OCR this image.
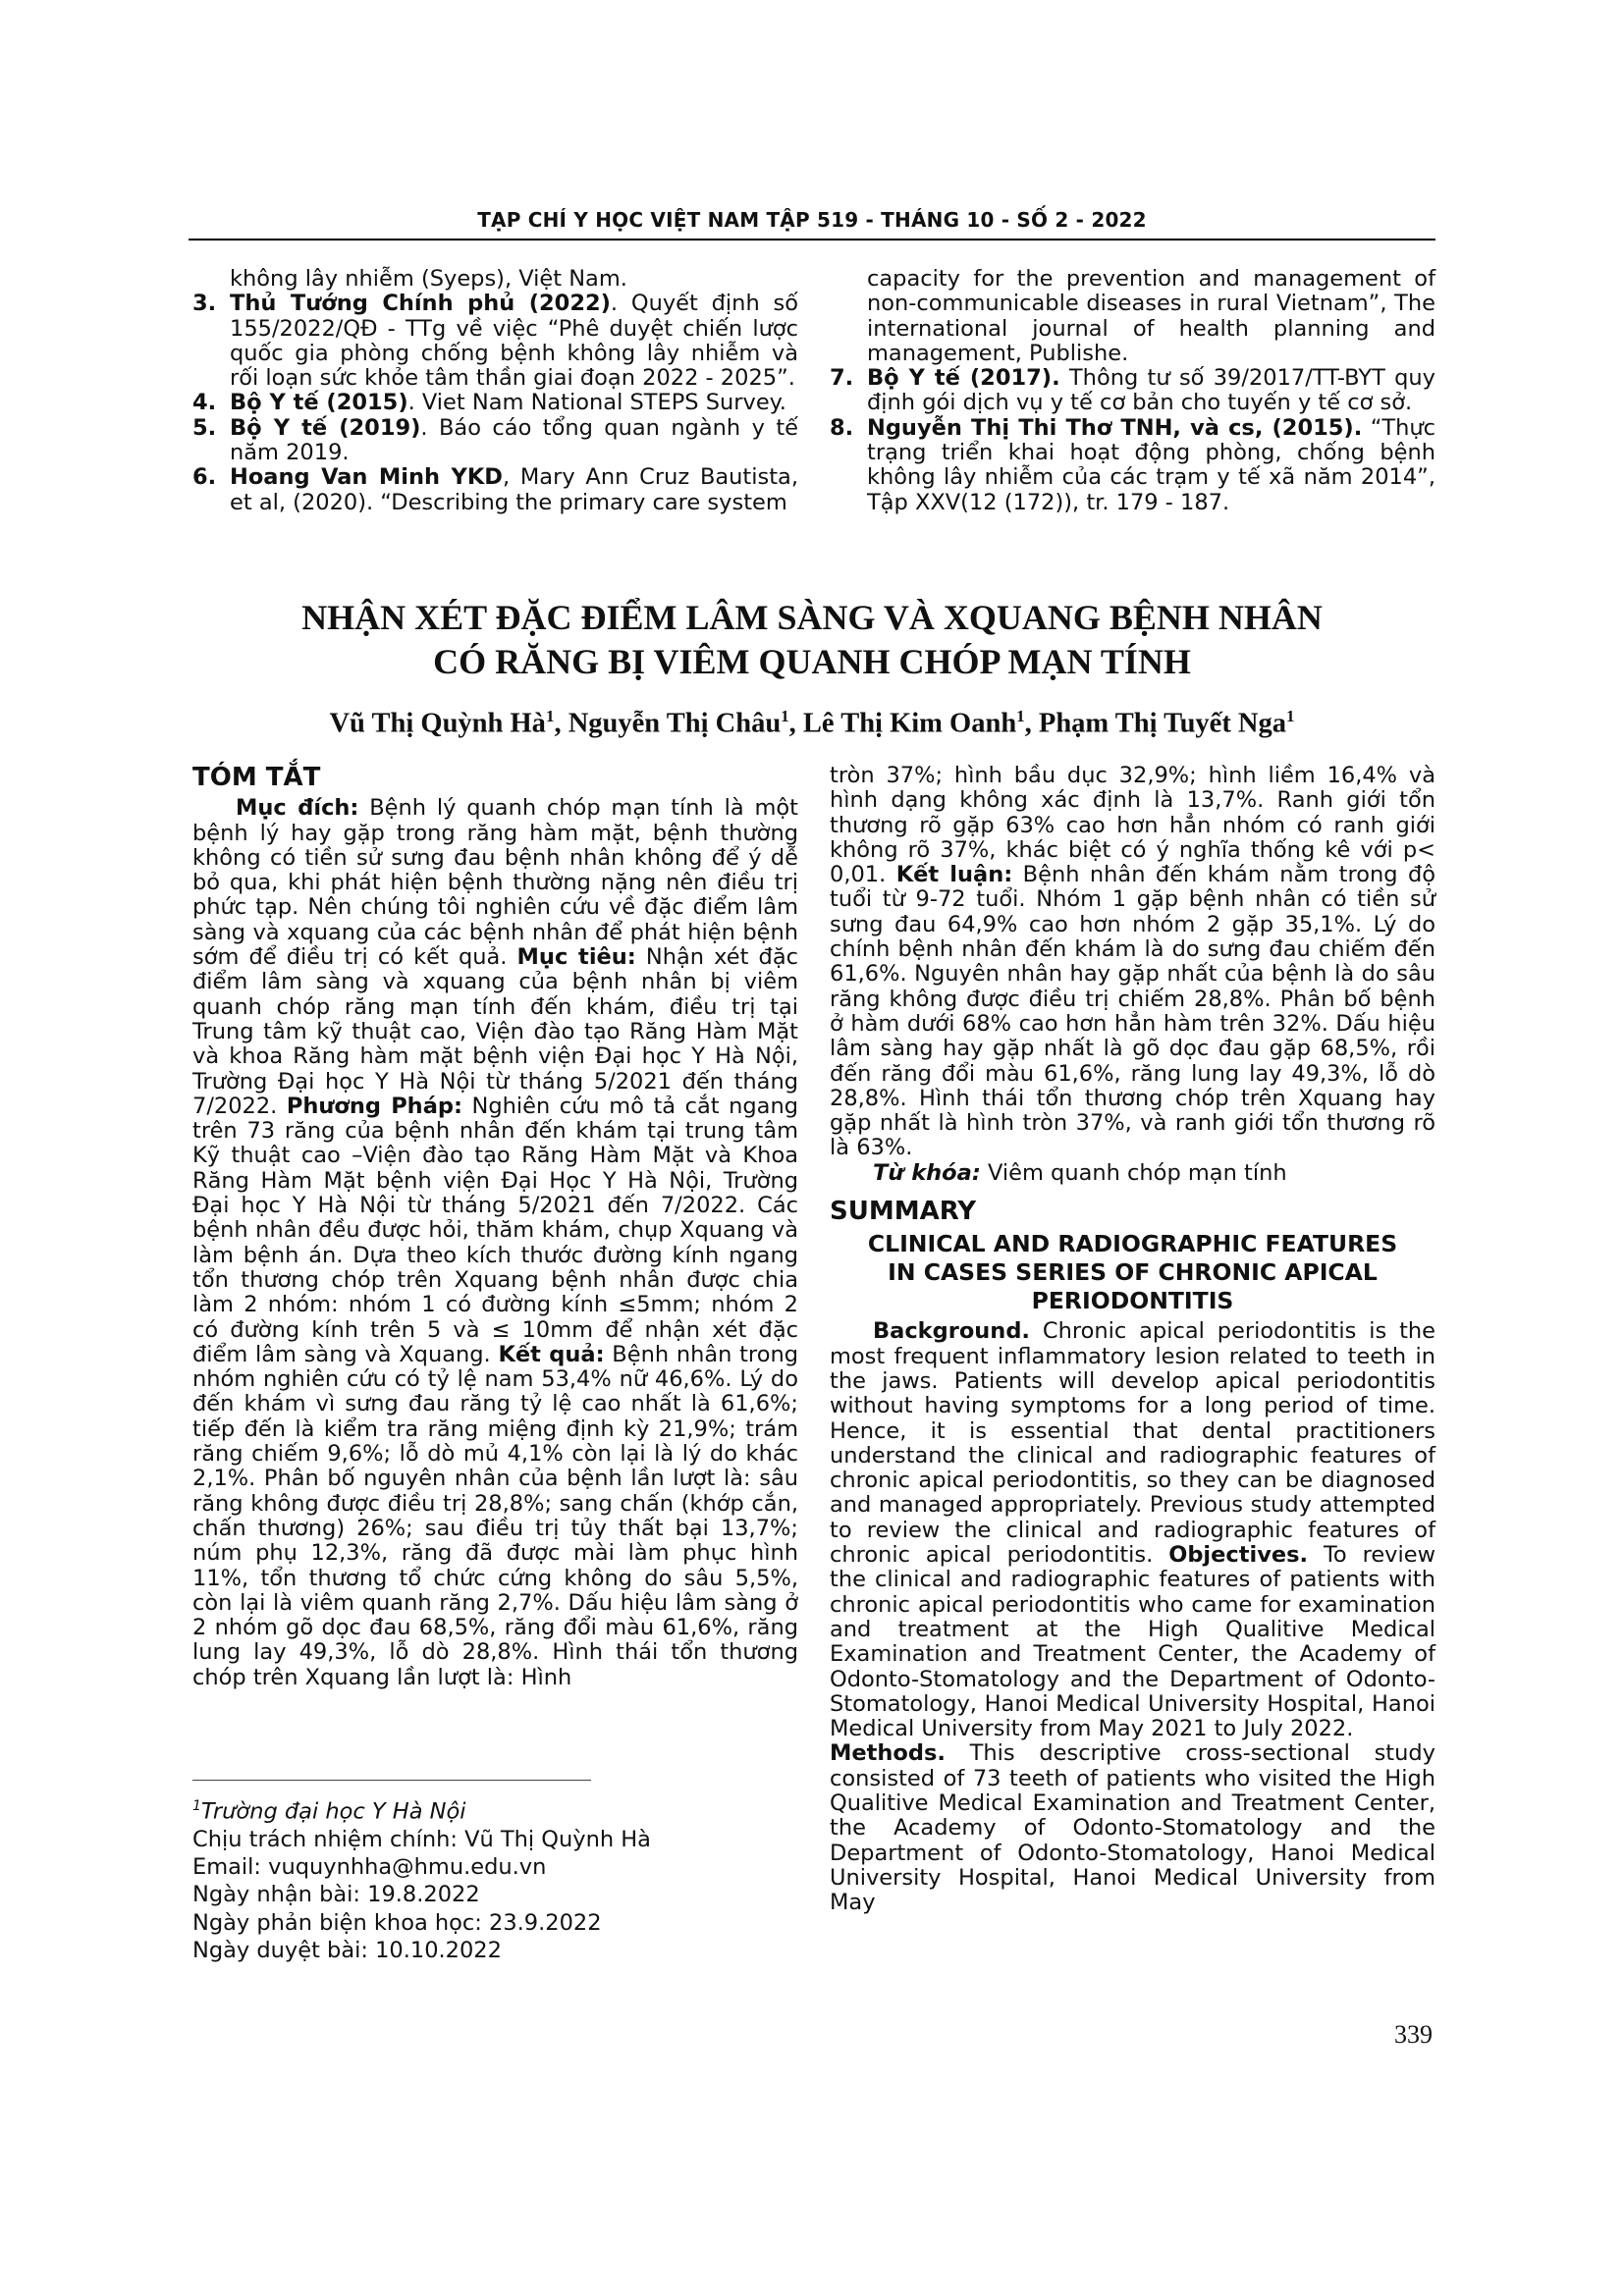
TẠP CHÍ Y HỌC VIỆT NAM TẬP 519 - THÁNG 10 - SỐ 2 - 2022
không lây nhiễm (Syeps), Việt Nam.
3. Thủ Tướng Chính phủ (2022). Quyết định số 155/2022/QĐ - TTg về việc “Phê duyệt chiến lược quốc gia phòng chống bệnh không lây nhiễm và rối loạn sức khỏe tâm thần giai đoạn 2022 - 2025”.
4. Bộ Y tế (2015). Viet Nam National STEPS Survey.
5. Bộ Y tế (2019). Báo cáo tổng quan ngành y tế năm 2019.
6. Hoang Van Minh YKD, Mary Ann Cruz Bautista, et al, (2020). “Describing the primary care system
capacity for the prevention and management of non-communicable diseases in rural Vietnam”, The international journal of health planning and management, Publishe.
7. Bộ Y tế (2017). Thông tư số 39/2017/TT-BYT quy định gói dịch vụ y tế cơ bản cho tuyến y tế cơ sở.
8. Nguyễn Thị Thi Thơ TNH, và cs, (2015). “Thực trạng triển khai hoạt động phòng, chống bệnh không lây nhiễm của các trạm y tế xã năm 2014”, Tập XXV(12 (172)), tr. 179 - 187.
NHẬN XÉT ĐẶC ĐIỂM LÂM SÀNG VÀ XQUANG BỆNH NHÂN
CÓ RĂNG BỊ VIÊM QUANH CHÓP MẠN TÍNH
Vũ Thị Quỳnh $Hà^1$, Nguyễn Thị Châu$^1$, Lê Thị Kim Oanh$^1$, Phạm Thị Tuyết Nga$^1$
TÓM TẮT

Mục đích: Bệnh lý quanh chóp mạn tính là một bệnh lý hay gặp trong răng hàm mặt, bệnh thường không có tiền sử sưng đau bệnh nhân không để ý dễ bỏ qua, khi phát hiện bệnh thường nặng nên điều trị phức tạp. Nên chúng tôi nghiên cứu về đặc điểm lâm sàng và xquang của các bệnh nhân để phát hiện bệnh sớm để điều trị có kết quả. Mục tiêu: Nhận xét đặc điểm lâm sàng và xquang của bệnh nhân bị viêm quanh chóp răng mạn tính đến khám, điều trị tại Trung tâm kỹ thuật cao, Viện đào tạo Răng Hàm Mặt và khoa Răng hàm mặt bệnh viện Đại học Y Hà Nội, Trường Đại học Y Hà Nội từ tháng 5/2021 đến tháng 7/2022. Phương Pháp: Nghiên cứu mô tả cắt ngang trên 73 răng của bệnh nhân đến khám tại trung tâm Kỹ thuật cao –Viện đào tạo Răng Hàm Mặt và Khoa Răng Hàm Mặt bệnh viện Đại Học Y Hà Nội, Trường Đại học Y Hà Nội từ tháng 5/2021 đến 7/2022. Các bệnh nhân đều được hỏi, thăm khám, chụp Xquang và làm bệnh án. Dựa theo kích thước đường kính ngang tổn thương chóp trên Xquang bệnh nhân được chia làm 2 nhóm: nhóm 1 có đường kính ≤5mm; nhóm 2 có đường kính trên 5 và ≤ 10mm để nhận xét đặc điểm lâm sàng và Xquang. Kết quả: Bệnh nhân trong nhóm nghiên cứu có tỷ lệ nam 53,4% nữ 46,6%. Lý do đến khám vì sưng đau răng tỷ lệ cao nhất là 61,6%; tiếp đến là kiểm tra răng miệng định kỳ 21,9%; trám răng chiếm 9,6%; lỗ dò mủ 4,1% còn lại là lý do khác 2,1%. Phân bố nguyên nhân của bệnh lần lượt là: sâu răng không được điều trị 28,8%; sang chấn (khớp cắn, chấn thương) 26%; sau điều trị tủy thất bại 13,7%; núm phụ 12,3%, răng đã được mài làm phục hình 11%, tổn thương tổ chức cứng không do sâu 5,5%, còn lại là viêm quanh răng 2,7%. Dấu hiệu lâm sàng ở 2 nhóm gõ dọc đau 68,5%, răng đổi màu 61,6%, răng lung lay 49,3%, lỗ dò 28,8%. Hình thái tổn thương chóp trên Xquang lần lượt là: Hình

tròn 37%; hình bầu dục 32,9%; hình liềm 16,4% và hình dạng không xác định là 13,7%. Ranh giới tổn thương rõ gặp 63% cao hơn hẳn nhóm có ranh giới không rõ 37%, khác biệt có ý nghĩa thống kê với p< 0,01. Kết luận: Bệnh nhân đến khám nằm trong độ tuổi từ 9-72 tuổi. Nhóm 1 gặp bệnh nhân có tiền sử sưng đau 64,9% cao hơn nhóm 2 gặp 35,1%. Lý do chính bệnh nhân đến khám là do sưng đau chiếm đến 61,6%. Nguyên nhân hay gặp nhất của bệnh là do sâu răng không được điều trị chiếm 28,8%. Phân bố bệnh ở hàm dưới 68% cao hơn hẳn hàm trên 32%. Dấu hiệu lâm sàng hay gặp nhất là gõ dọc đau gặp 68,5%, rồi đến răng đổi màu 61,6%, răng lung lay 49,3%, lỗ dò 28,8%. Hình thái tổn thương chóp trên Xquang hay gặp nhất là hình tròn 37%, và ranh giới tổn thương rõ là 63%.

Từ khóa: Viêm quanh chóp mạn tính

SUMMARY
CLINICAL AND RADIOGRAPHIC FEATURES
IN CASES SERIES OF CHRONIC APICAL
PERIODONTITIS

Background. Chronic apical periodontitis is the most frequent inflammatory lesion related to teeth in the jaws. Patients will develop apical periodontitis without having symptoms for a long period of time. Hence, it is essential that dental practitioners understand the clinical and radiographic features of chronic apical periodontitis, so they can be diagnosed and managed appropriately. Previous study attempted to review the clinical and radiographic features of chronic apical periodontitis. Objectives. To review the clinical and radiographic features of patients with chronic apical periodontitis who came for examination and treatment at the High Qualitive Medical Examination and Treatment Center, the Academy of Odonto-Stomatology and the Department of Odonto-Stomatology, Hanoi Medical University Hospital, Hanoi Medical University from May 2021 to July 2022.

Methods. This descriptive cross-sectional study consisted of 73 teeth of patients who visited the High Qualitive Medical Examination and Treatment Center, the Academy of Odonto-Stomatology and the Department of Odonto-Stomatology, Hanoi Medical University Hospital, Hanoi Medical University from May

$^1$Trường đại học Y Hà Nội
Chịu trách nhiệm chính: Vũ Thị Quỳnh Hà
Email: vuquynhha@hmu.edu.vn
Ngày nhận bài: 19.8.2022
Ngày phản biện khoa học: 23.9.2022
Ngày duyệt bài: 10.10.2022
339
